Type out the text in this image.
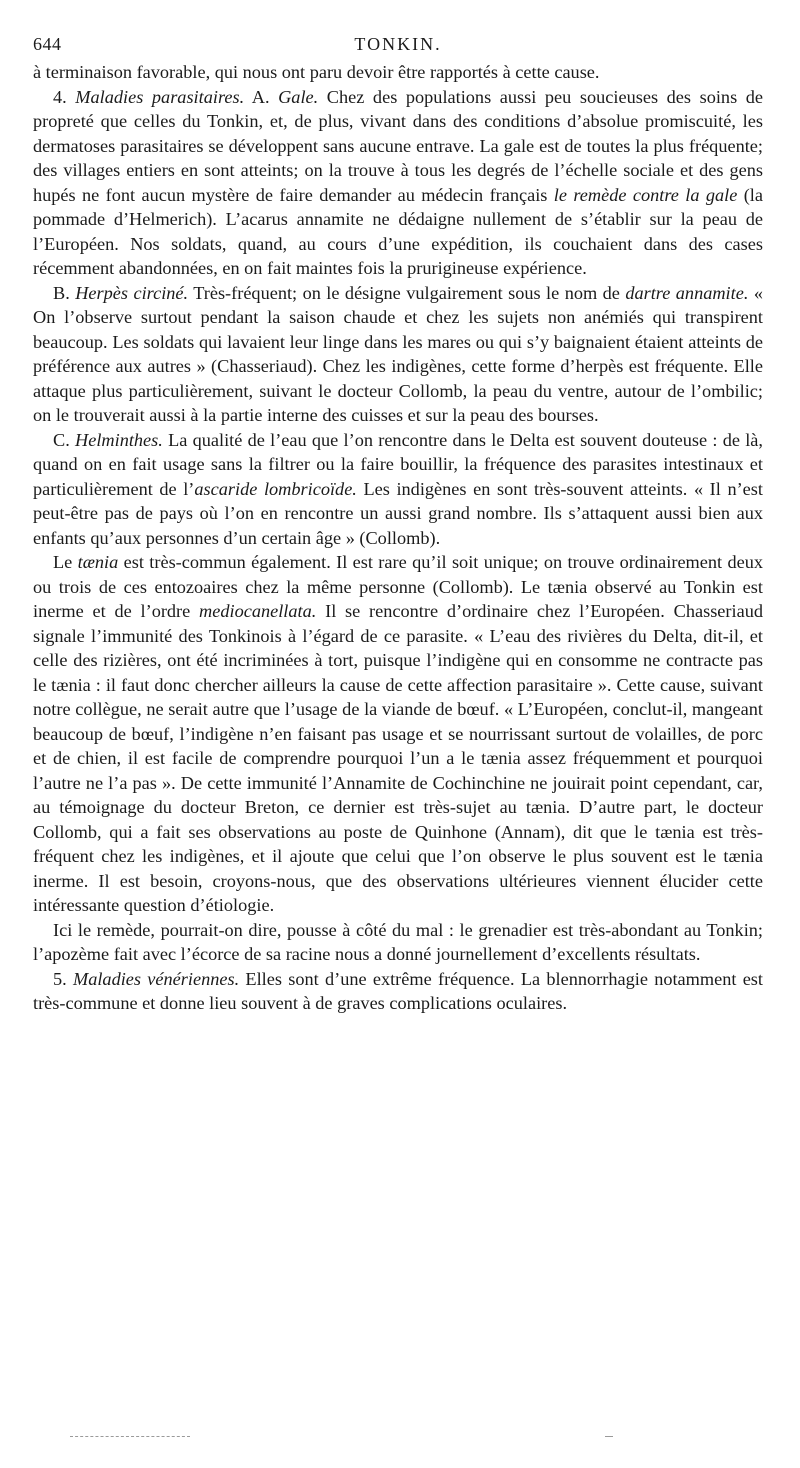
644	TONKIN.

à terminaison favorable, qui nous ont paru devoir être rapportés à cette cause.

4. Maladies parasitaires. A. Gale. Chez des populations aussi peu soucieuses des soins de propreté que celles du Tonkin, et, de plus, vivant dans des conditions d’absolue promiscuité, les dermatoses parasitaires se développent sans aucune entrave. La gale est de toutes la plus fréquente; des villages entiers en sont atteints; on la trouve à tous les degrés de l’échelle sociale et des gens hupés ne font aucun mystère de faire demander au médecin français le remède contre la gale (la pommade d’Helmerich). L’acarus annamite ne dédaigne nullement de s’établir sur la peau de l’Européen. Nos soldats, quand, au cours d’une expédition, ils couchaient dans des cases récemment abandonnées, en on fait maintes fois la prurigineuse expérience.

B. Herpès circiné. Très-fréquent; on le désigne vulgairement sous le nom de dartre annamite. « On l’observe surtout pendant la saison chaude et chez les sujets non anémiés qui transpirent beaucoup. Les soldats qui lavaient leur linge dans les mares ou qui s’y baignaient étaient atteints de préférence aux autres » (Chasseriaud). Chez les indigènes, cette forme d’herpès est fréquente. Elle attaque plus particulièrement, suivant le docteur Collomb, la peau du ventre, autour de l’ombilic; on le trouverait aussi à la partie interne des cuisses et sur la peau des bourses.

C. Helminthes. La qualité de l’eau que l’on rencontre dans le Delta est souvent douteuse : de là, quand on en fait usage sans la filtrer ou la faire bouillir, la fréquence des parasites intestinaux et particulièrement de l’ascaride lombricoïde. Les indigènes en sont très-souvent atteints. « Il n’est peut-être pas de pays où l’on en rencontre un aussi grand nombre. Ils s’attaquent aussi bien aux enfants qu’aux personnes d’un certain âge » (Collomb).

Le tænia est très-commun également. Il est rare qu’il soit unique; on trouve ordinairement deux ou trois de ces entozoaires chez la même personne (Collomb). Le tænia observé au Tonkin est inerme et de l’ordre mediocanellata. Il se rencontre d’ordinaire chez l’Européen. Chasseriaud signale l’immunité des Tonkinois à l’égard de ce parasite. « L’eau des rivières du Delta, dit-il, et celle des rizières, ont été incriminées à tort, puisque l’indigène qui en consomme ne contracte pas le tænia : il faut donc chercher ailleurs la cause de cette affection parasitaire ». Cette cause, suivant notre collègue, ne serait autre que l’usage de la viande de bœuf. « L’Européen, conclut-il, mangeant beaucoup de bœuf, l’indigène n’en faisant pas usage et se nourrissant surtout de volailles, de porc et de chien, il est facile de comprendre pourquoi l’un a le tænia assez fréquemment et pourquoi l’autre ne l’a pas ». De cette immunité l’Annamite de Cochinchine ne jouirait point cependant, car, au témoignage du docteur Breton, ce dernier est très-sujet au tænia. D’autre part, le docteur Collomb, qui a fait ses observations au poste de Quinhone (Annam), dit que le tænia est très-fréquent chez les indigènes, et il ajoute que celui que l’on observe le plus souvent est le tænia inerme. Il est besoin, croyons-nous, que des observations ultérieures viennent élucider cette intéressante question d’étiologie.

Ici le remède, pourrait-on dire, pousse à côté du mal : le grenadier est très-abondant au Tonkin; l’apozème fait avec l’écorce de sa racine nous a donné journellement d’excellents résultats.

5. Maladies vénériennes. Elles sont d’une extrême fréquence. La blennorrhagie notamment est très-commune et donne lieu souvent à de graves complications oculaires.
